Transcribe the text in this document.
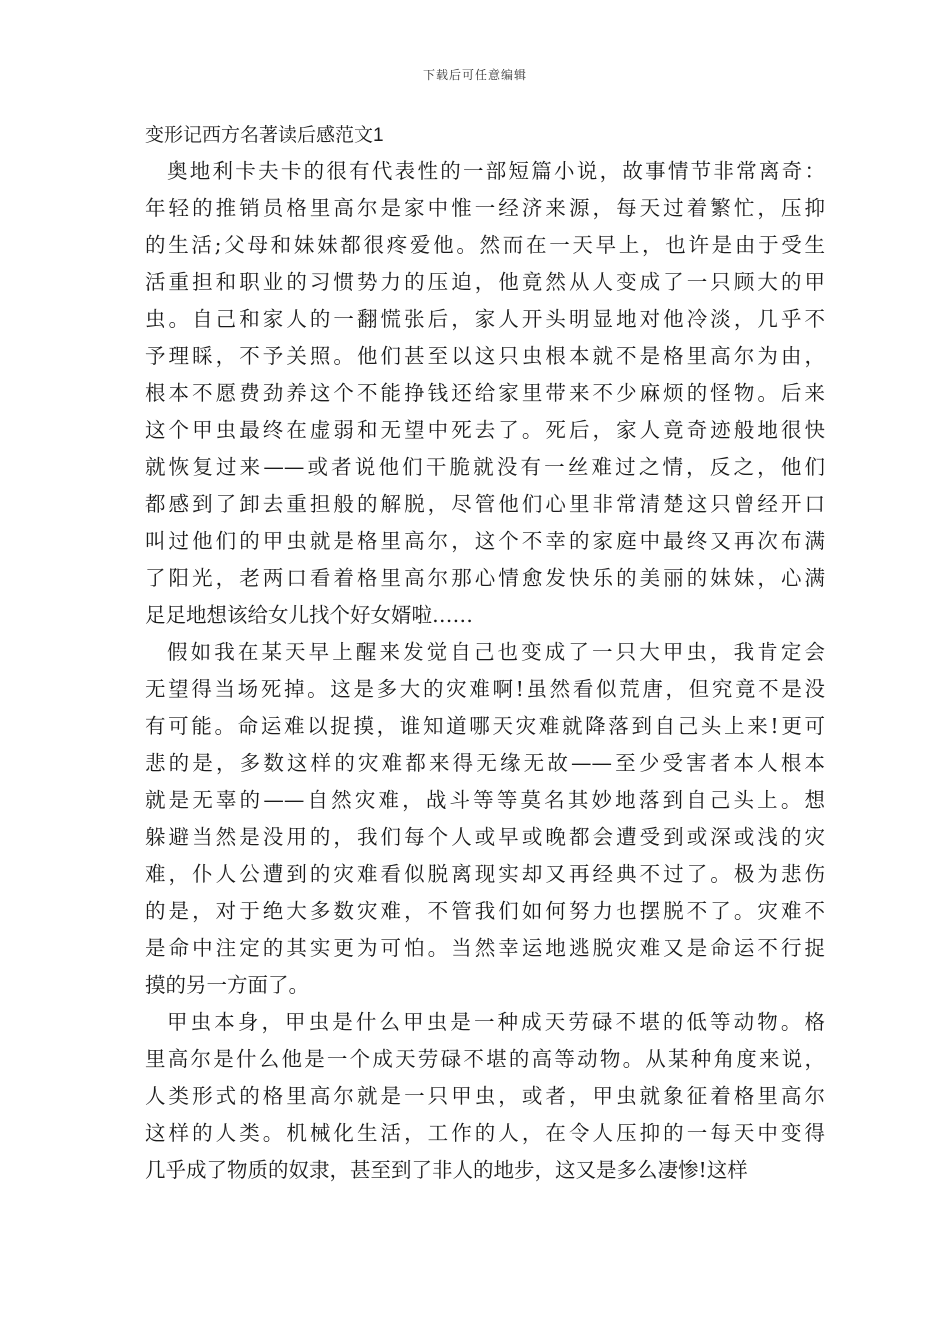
下载后可任意编辑
变形记西方名著读后感范文1
奥地利卡夫卡的很有代表性的一部短篇小说，故事情节非常离奇：
年轻的推销员格里高尔是家中惟一经济来源，每天过着繁忙，压抑
的生活;父母和妹妹都很疼爱他。然而在一天早上，也许是由于受生
活重担和职业的习惯势力的压迫，他竟然从人变成了一只顾大的甲
虫。自己和家人的一翻慌张后，家人开头明显地对他冷淡，几乎不
予理睬，不予关照。他们甚至以这只虫根本就不是格里高尔为由，
根本不愿费劲养这个不能挣钱还给家里带来不少麻烦的怪物。后来
这个甲虫最终在虚弱和无望中死去了。死后，家人竟奇迹般地很快
就恢复过来——或者说他们干脆就没有一丝难过之情，反之，他们
都感到了卸去重担般的解脱，尽管他们心里非常清楚这只曾经开口
叫过他们的甲虫就是格里高尔，这个不幸的家庭中最终又再次布满
了阳光，老两口看着格里高尔那心情愈发快乐的美丽的妹妹，心满
足足地想该给女儿找个好女婿啦……
假如我在某天早上醒来发觉自己也变成了一只大甲虫，我肯定会
无望得当场死掉。这是多大的灾难啊!虽然看似荒唐，但究竟不是没
有可能。命运难以捉摸，谁知道哪天灾难就降落到自己头上来!更可
悲的是，多数这样的灾难都来得无缘无故——至少受害者本人根本
就是无辜的——自然灾难，战斗等等莫名其妙地落到自己头上。想
躲避当然是没用的，我们每个人或早或晚都会遭受到或深或浅的灾
难，仆人公遭到的灾难看似脱离现实却又再经典不过了。极为悲伤
的是，对于绝大多数灾难，不管我们如何努力也摆脱不了。灾难不
是命中注定的其实更为可怕。当然幸运地逃脱灾难又是命运不行捉
摸的另一方面了。
甲虫本身，甲虫是什么甲虫是一种成天劳碌不堪的低等动物。格
里高尔是什么他是一个成天劳碌不堪的高等动物。从某种角度来说，
人类形式的格里高尔就是一只甲虫，或者，甲虫就象征着格里高尔
这样的人类。机械化生活，工作的人，在令人压抑的一每天中变得
几乎成了物质的奴隶，甚至到了非人的地步，这又是多么凄惨!这样
